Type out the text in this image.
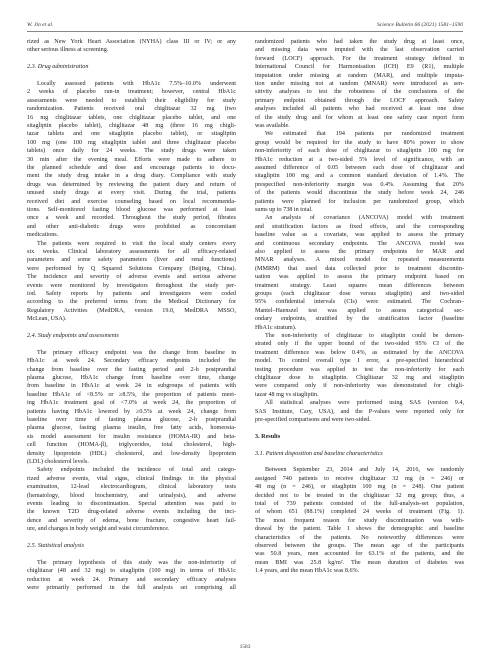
W. Jin et al.	Science Bulletin 66 (2021) 1581–1590
rized as New York Heart Association (NYHA) class III or IV; or any
other serious illness at screening.
2.3. Drug administration
Locally assessed patients with HbA1c 7.5%–10.0% underwent
2 weeks of placebo run-in treatment; however, central HbA1c
assessments were needed to establish their eligibility for study
randomization. Patients received oral chiglitazar 32 mg (two
16 mg chiglitazar tablets, one chiglitazar placebo tablet, and one
sitagliptin placebo tablet), chiglitazar 48 mg (three 16 mg chigli-
tazar tablets and one sitagliptin placebo tablet), or sitagliptin
100 mg (one 100 mg sitagliptin tablet and three chiglitazar placebo
tablets) once daily for 24 weeks. The study drugs were taken
30 min after the evening meal. Efforts were made to adhere to
the planned schedule and dose and encourage patients to docu-
ment the study drug intake in a drug diary. Compliance with study
drugs was determined by reviewing the patient diary and return of
unused study drugs at every visit. During the trial, patients
received diet and exercise counseling based on local recommenda-
tions. Self-monitored fasting blood glucose was performed at least
once a week and recorded. Throughout the study period, fibrates
and other anti-diabetic drugs were prohibited as concomitant
medications.
The patients were required to visit the local study centers every
six weeks. Clinical laboratory assessments for all efficacy-related
parameters and some safety parameters (liver and renal functions)
were performed by Q Squared Solutions Company (Beijing, China).
The incidence and severity of adverse events and serious adverse
events were monitored by investigators throughout the study per-
iod. Safety reports by patients and investigators were coded
according to the preferred terms from the Medical Dictionary for
Regulatory Activities (MedDRA, version 19.0, MedDRA MSSO,
McLean, USA).
2.4. Study endpoints and assessments
The primary efficacy endpoint was the change from baseline in
HbA1c at week 24. Secondary efficacy endpoints included the
change from baseline over the fasting period and 2-h postprandial
plasma glucose, HbA1c change from baseline over time, change
from baseline in HbA1c at week 24 in subgroups of patients with
baseline HbA1c of <8.5% or ≥8.5%, the proportion of patients meet-
ing HbA1c treatment goal of <7.0% at week 24, the proportion of
patients having HbA1c lowered by ≥0.5% at week 24, change from
baseline over time of fasting plasma glucose, 2-h postprandial
plasma glucose, fasting plasma insulin, free fatty acids, homeosta-
sis model assessment for insulin resistance (HOMA-IR) and beta-
cell function (HOMA-β), triglycerides, total cholesterol, high-
density lipoprotein (HDL) cholesterol, and low-density lipoprotein
(LDL) cholesterol levels.
Safety endpoints included the incidence of total and catego-
rized adverse events, vital signs, clinical findings in the physical
examination, 12-lead electrocardiogram, clinical laboratory tests
(hematology, blood biochemistry, and urinalysis), and adverse
events leading to discontinuation. Special attention was paid to
the known T2D drug-related adverse events including the inci-
dence and severity of edema, bone fracture, congestive heart fail-
ure, and changes in body weight and waist circumference.
2.5. Statistical analysis
The primary hypothesis of this study was the non-inferiority of
chiglitazar (48 and 32 mg) to sitagliptin (100 mg) in terms of HbA1c
reduction at week 24. Primary and secondary efficacy analyses
were primarily performed in the full analysis set comprising all
randomized patients who had taken the study drug at least once,
and missing data were imputed with the last observation carried
forward (LOCF) approach. For the treatment strategy defined in
International Council for Harmonisation (ICH) E9 (R1), multiple
imputation under missing at random (MAR), and multiple imputa-
tion under missing not at random (MNAR) were introduced as sen-
sitivity analyses to test the robustness of the conclusions of the
primary endpoint obtained through the LOCF approach. Safety
analyses included all patients who had received at least one dose
of the study drug and for whom at least one safety case report form
was available.
We estimated that 194 patients per randomized treatment
group would be required for the study to have 80% power to show
non-inferiority of each dose of chiglitazar to sitagliptin 100 mg for
HbA1c reduction at a two-sided 5% level of significance, with an
assumed difference of 0.05 between each dose of chiglitazar and
sitagliptin 100 mg and a common standard deviation of 1.4%. The
prespecified non-inferiority margin was 0.4%. Assuming that 20%
of the patients would discontinue the study before week 24, 246
patients were planned for inclusion per randomized group, which
sums up to 738 in total.
An analysis of covariance (ANCOVA) model with treatment
and stratification factors as fixed effects, and the corresponding
baseline value as a covariate, was applied to assess the primary
and continuous secondary endpoints. The ANCOVA model was
also applied to assess the primary endpoints for MAR and
MNAR analyses. A mixed model for repeated measurements
(MMRM) that used data collected prior to treatment discontin-
uation was applied to assess the primary endpoint based on
treatment strategy. Least squares mean differences between
groups (each chiglitazar dose versus sitagliptin) and two-sided
95% confidential intervals (CIs) were estimated. The Cochran–
Mantel–Haenszel test was applied to assess categorical sec-
ondary endpoints, stratified by the stratification factor (baseline
HbA1c stratum).
The non-inferiority of chiglitazar to sitagliptin could be demon-
strated only if the upper bound of the two-sided 95% CI of the
treatment difference was below 0.4%, as estimated by the ANCOVA
model. To control overall type I error, a pre-specified hierarchical
testing procedure was applied to test the non-inferiority for each
chiglitazar dose to sitagliptin. Chiglitazar 32 mg and sitagliptin
were compared only if non-inferiority was demonstrated for chigli-
tazar 48 mg vs sitagliptin.
All statistical analyses were performed using SAS (version 9.4,
SAS Institute, Cary, USA), and the P-values were reported only for
pre-specified comparisons and were two-sided.
3. Results
3.1. Patient disposition and baseline characteristics
Between September 23, 2014 and July 14, 2016, we randomly
assigned 740 patients to receive chiglitazar 32 mg (n = 246) or
48 mg (n = 246), or sitagliptin 100 mg (n = 248). One patient
decided not to be treated in the chiglitazar 32 mg group; thus, a
total of 739 patients consisted of the full-analysis-set population,
of whom 651 (88.1%) completed 24 weeks of treatment (Fig. 1).
The most frequent reason for study discontinuation was with-
drawal by the patient. Table 1 shows the demographic and baseline
characteristics of the patients. No noteworthy differences were
observed between the groups. The mean age of the participants
was 50.8 years, men accounted for 63.1% of the patients, and the
mean BMI was 25.8 kg/m². The mean duration of diabetes was
1.4 years, and the mean HbA1c was 8.6%.
1583
